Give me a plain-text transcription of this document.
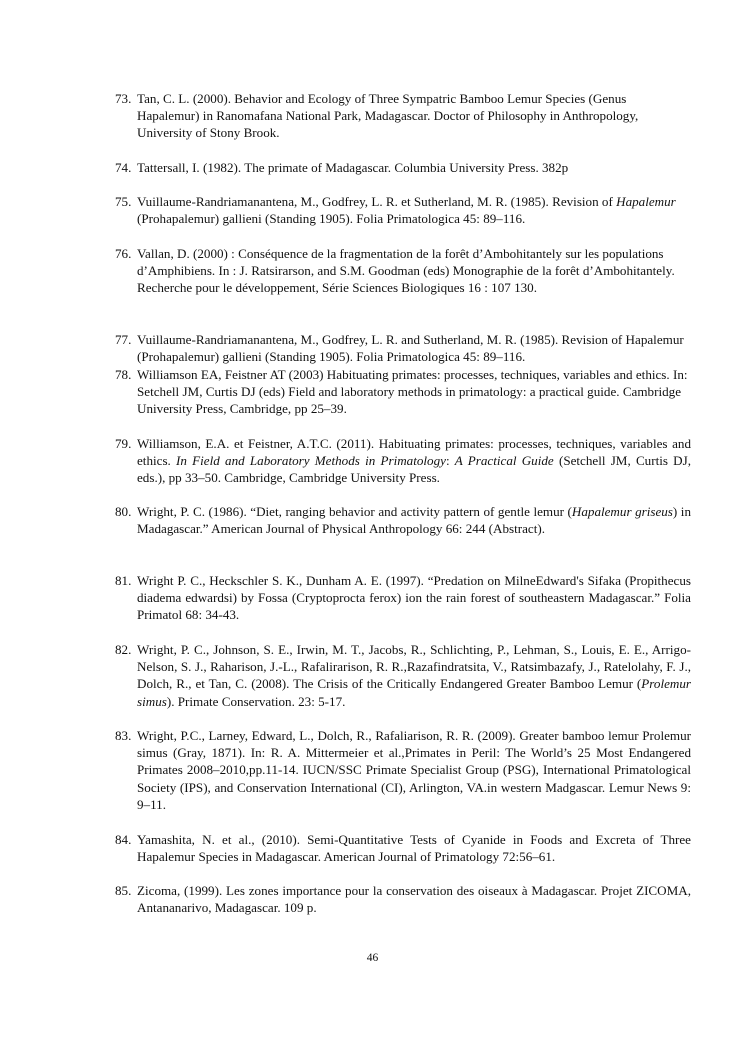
73. Tan, C. L. (2000). Behavior and Ecology of Three Sympatric Bamboo Lemur Species (Genus Hapalemur) in Ranomafana National Park, Madagascar. Doctor of Philosophy in Anthropology, University of Stony Brook.
74. Tattersall, I. (1982). The primate of Madagascar. Columbia University Press. 382p
75. Vuillaume-Randriamanantena, M., Godfrey, L. R. et Sutherland, M. R. (1985). Revision of Hapalemur (Prohapalemur) gallieni (Standing 1905). Folia Primatologica 45: 89–116.
76. Vallan, D. (2000) : Conséquence de la fragmentation de la forêt d’Ambohitantely sur les populations d’Amphibiens. In : J. Ratsirarson, and S.M. Goodman (eds) Monographie de la forêt d’Ambohitantely. Recherche pour le développement, Série Sciences Biologiques 16 : 107 130.
77. Vuillaume-Randriamanantena, M., Godfrey, L. R. and Sutherland, M. R. (1985). Revision of Hapalemur (Prohapalemur) gallieni (Standing 1905). Folia Primatologica 45: 89–116.
78. Williamson EA, Feistner AT (2003) Habituating primates: processes, techniques, variables and ethics. In: Setchell JM, Curtis DJ (eds) Field and laboratory methods in primatology: a practical guide. Cambridge University Press, Cambridge, pp 25–39.
79. Williamson, E.A. et Feistner, A.T.C. (2011). Habituating primates: processes, techniques, variables and ethics. In Field and Laboratory Methods in Primatology: A Practical Guide (Setchell JM, Curtis DJ, eds.), pp 33–50. Cambridge, Cambridge University Press.
80. Wright, P. C. (1986). “Diet, ranging behavior and activity pattern of gentle lemur (Hapalemur griseus) in Madagascar.” American Journal of Physical Anthropology 66: 244 (Abstract).
81. Wright P. C., Heckschler S. K., Dunham A. E. (1997). “Predation on MilneEdward's Sifaka (Propithecus diadema edwardsi) by Fossa (Cryptoprocta ferox) ion the rain forest of southeastern Madagascar.” Folia Primatol 68: 34-43.
82. Wright, P. C., Johnson, S. E., Irwin, M. T., Jacobs, R., Schlichting, P., Lehman, S., Louis, E. E., Arrigo-Nelson, S. J., Raharison, J.-L., Rafalirarison, R. R.,Razafindratsita, V., Ratsimbazafy, J., Ratelolahy, F. J., Dolch, R., et Tan, C. (2008). The Crisis of the Critically Endangered Greater Bamboo Lemur (Prolemur simus). Primate Conservation. 23: 5-17.
83. Wright, P.C., Larney, Edward, L., Dolch, R., Rafaliarison, R. R. (2009). Greater bamboo lemur Prolemur simus (Gray, 1871). In: R. A. Mittermeier et al.,Primates in Peril: The World’s 25 Most Endangered Primates 2008–2010,pp.11-14. IUCN/SSC Primate Specialist Group (PSG), International Primatological Society (IPS), and Conservation International (CI), Arlington, VA.in western Madgascar. Lemur News 9: 9–11.
84. Yamashita, N. et al., (2010). Semi-Quantitative Tests of Cyanide in Foods and Excreta of Three Hapalemur Species in Madagascar. American Journal of Primatology 72:56–61.
85. Zicoma, (1999). Les zones importance pour la conservation des oiseaux à Madagascar. Projet ZICOMA, Antananarivo, Madagascar. 109 p.
46
